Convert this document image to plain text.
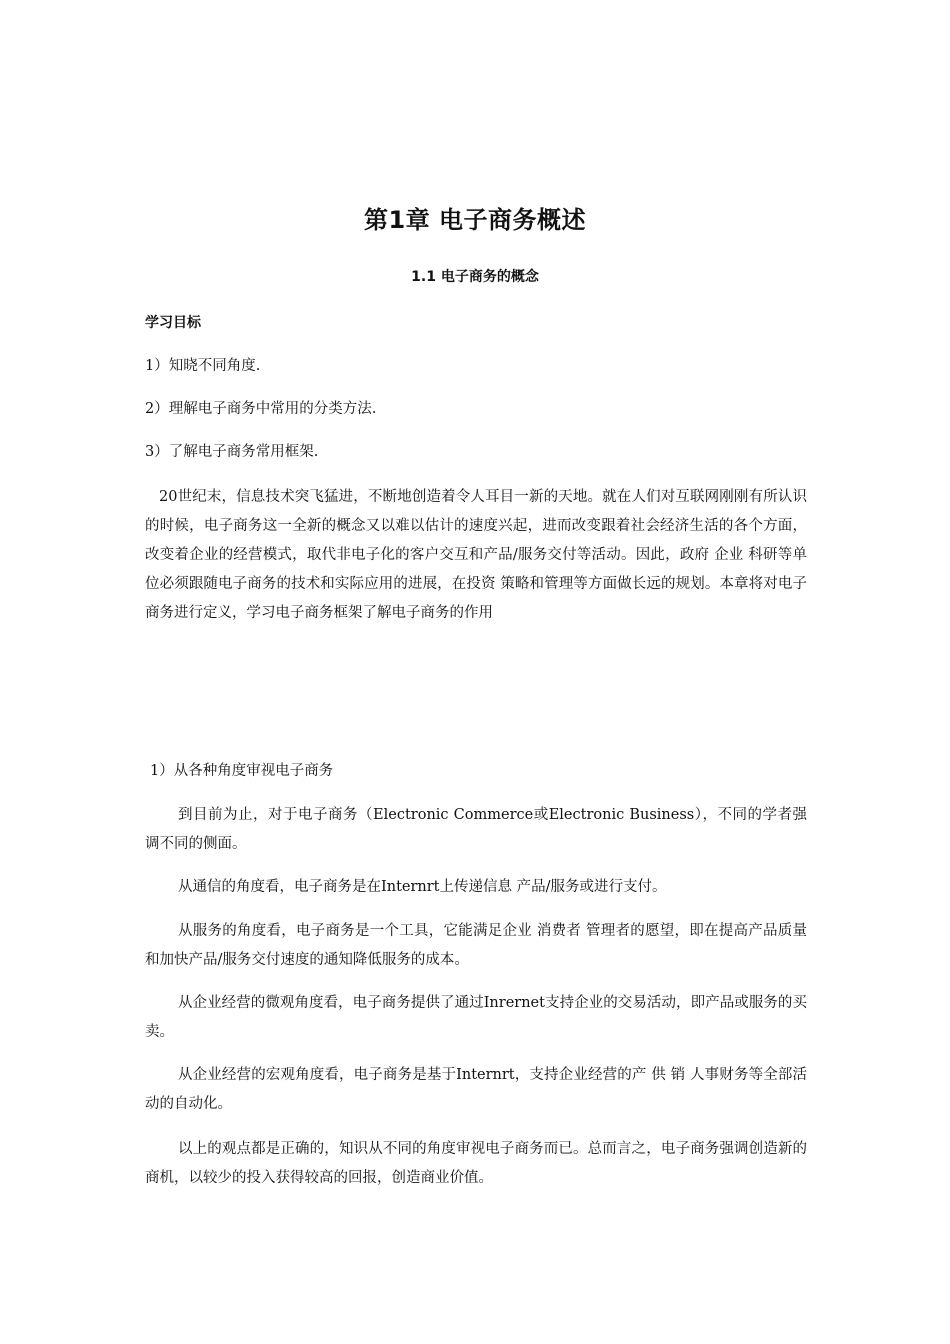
第1章 电子商务概述
1.1 电子商务的概念
学习目标
1）知晓不同角度.
2）理解电子商务中常用的分类方法.
3）了解电子商务常用框架.

20世纪末，信息技术突飞猛进，不断地创造着令人耳目一新的天地。就在人们对互联网刚刚有所认识的时候，电子商务这一全新的概念又以难以估计的速度兴起，进而改变跟着社会经济生活的各个方面，改变着企业的经营模式，取代非电子化的客户交互和产品/服务交付等活动。因此，政府 企业 科研等单位必须跟随电子商务的技术和实际应用的进展，在投资 策略和管理等方面做长远的规划。本章将对电子商务进行定义，学习电子商务框架了解电子商务的作用

1）从各种角度审视电子商务

到目前为止，对于电子商务（Electronic Commerce或Electronic Business），不同的学者强调不同的侧面。

从通信的角度看，电子商务是在Internrt上传递信息 产品/服务或进行支付。

从服务的角度看，电子商务是一个工具，它能满足企业 消费者 管理者的愿望，即在提高产品质量和加快产品/服务交付速度的通知降低服务的成本。

从企业经营的微观角度看，电子商务提供了通过Inrernet支持企业的交易活动，即产品或服务的买卖。

从企业经营的宏观角度看，电子商务是基于Internrt，支持企业经营的产 供 销 人事财务等全部活动的自动化。

以上的观点都是正确的，知识从不同的角度审视电子商务而已。总而言之，电子商务强调创造新的商机，以较少的投入获得较高的回报，创造商业价值。
